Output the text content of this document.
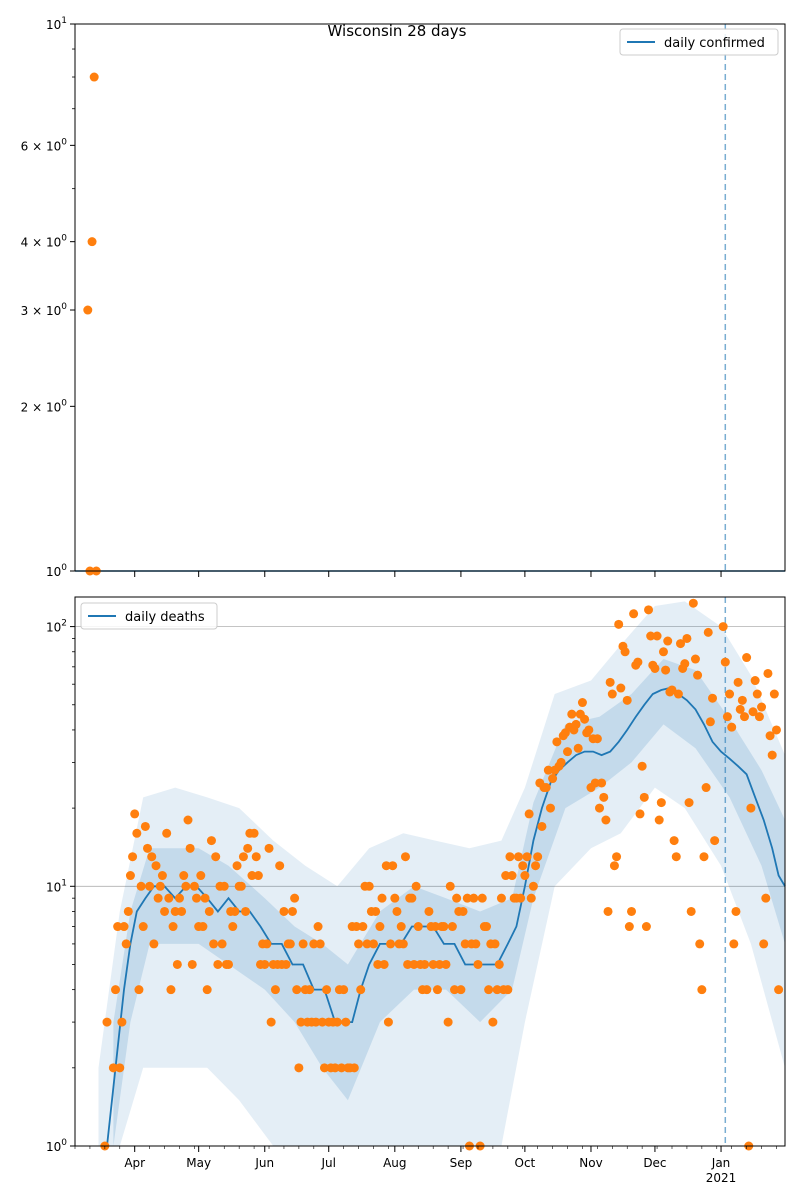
Wisconsin 28 days
$10^0$
$2 \times 10^0$
$3 \times 10^0$
$4 \times 10^0$
$6 \times 10^0$
$10^1$
daily confirmed
$10^0$
$10^1$
$10^2$
Apr	May	Jun	Jul	Aug	Sep	Oct	Nov	Dec	Jan
2021
daily deaths
